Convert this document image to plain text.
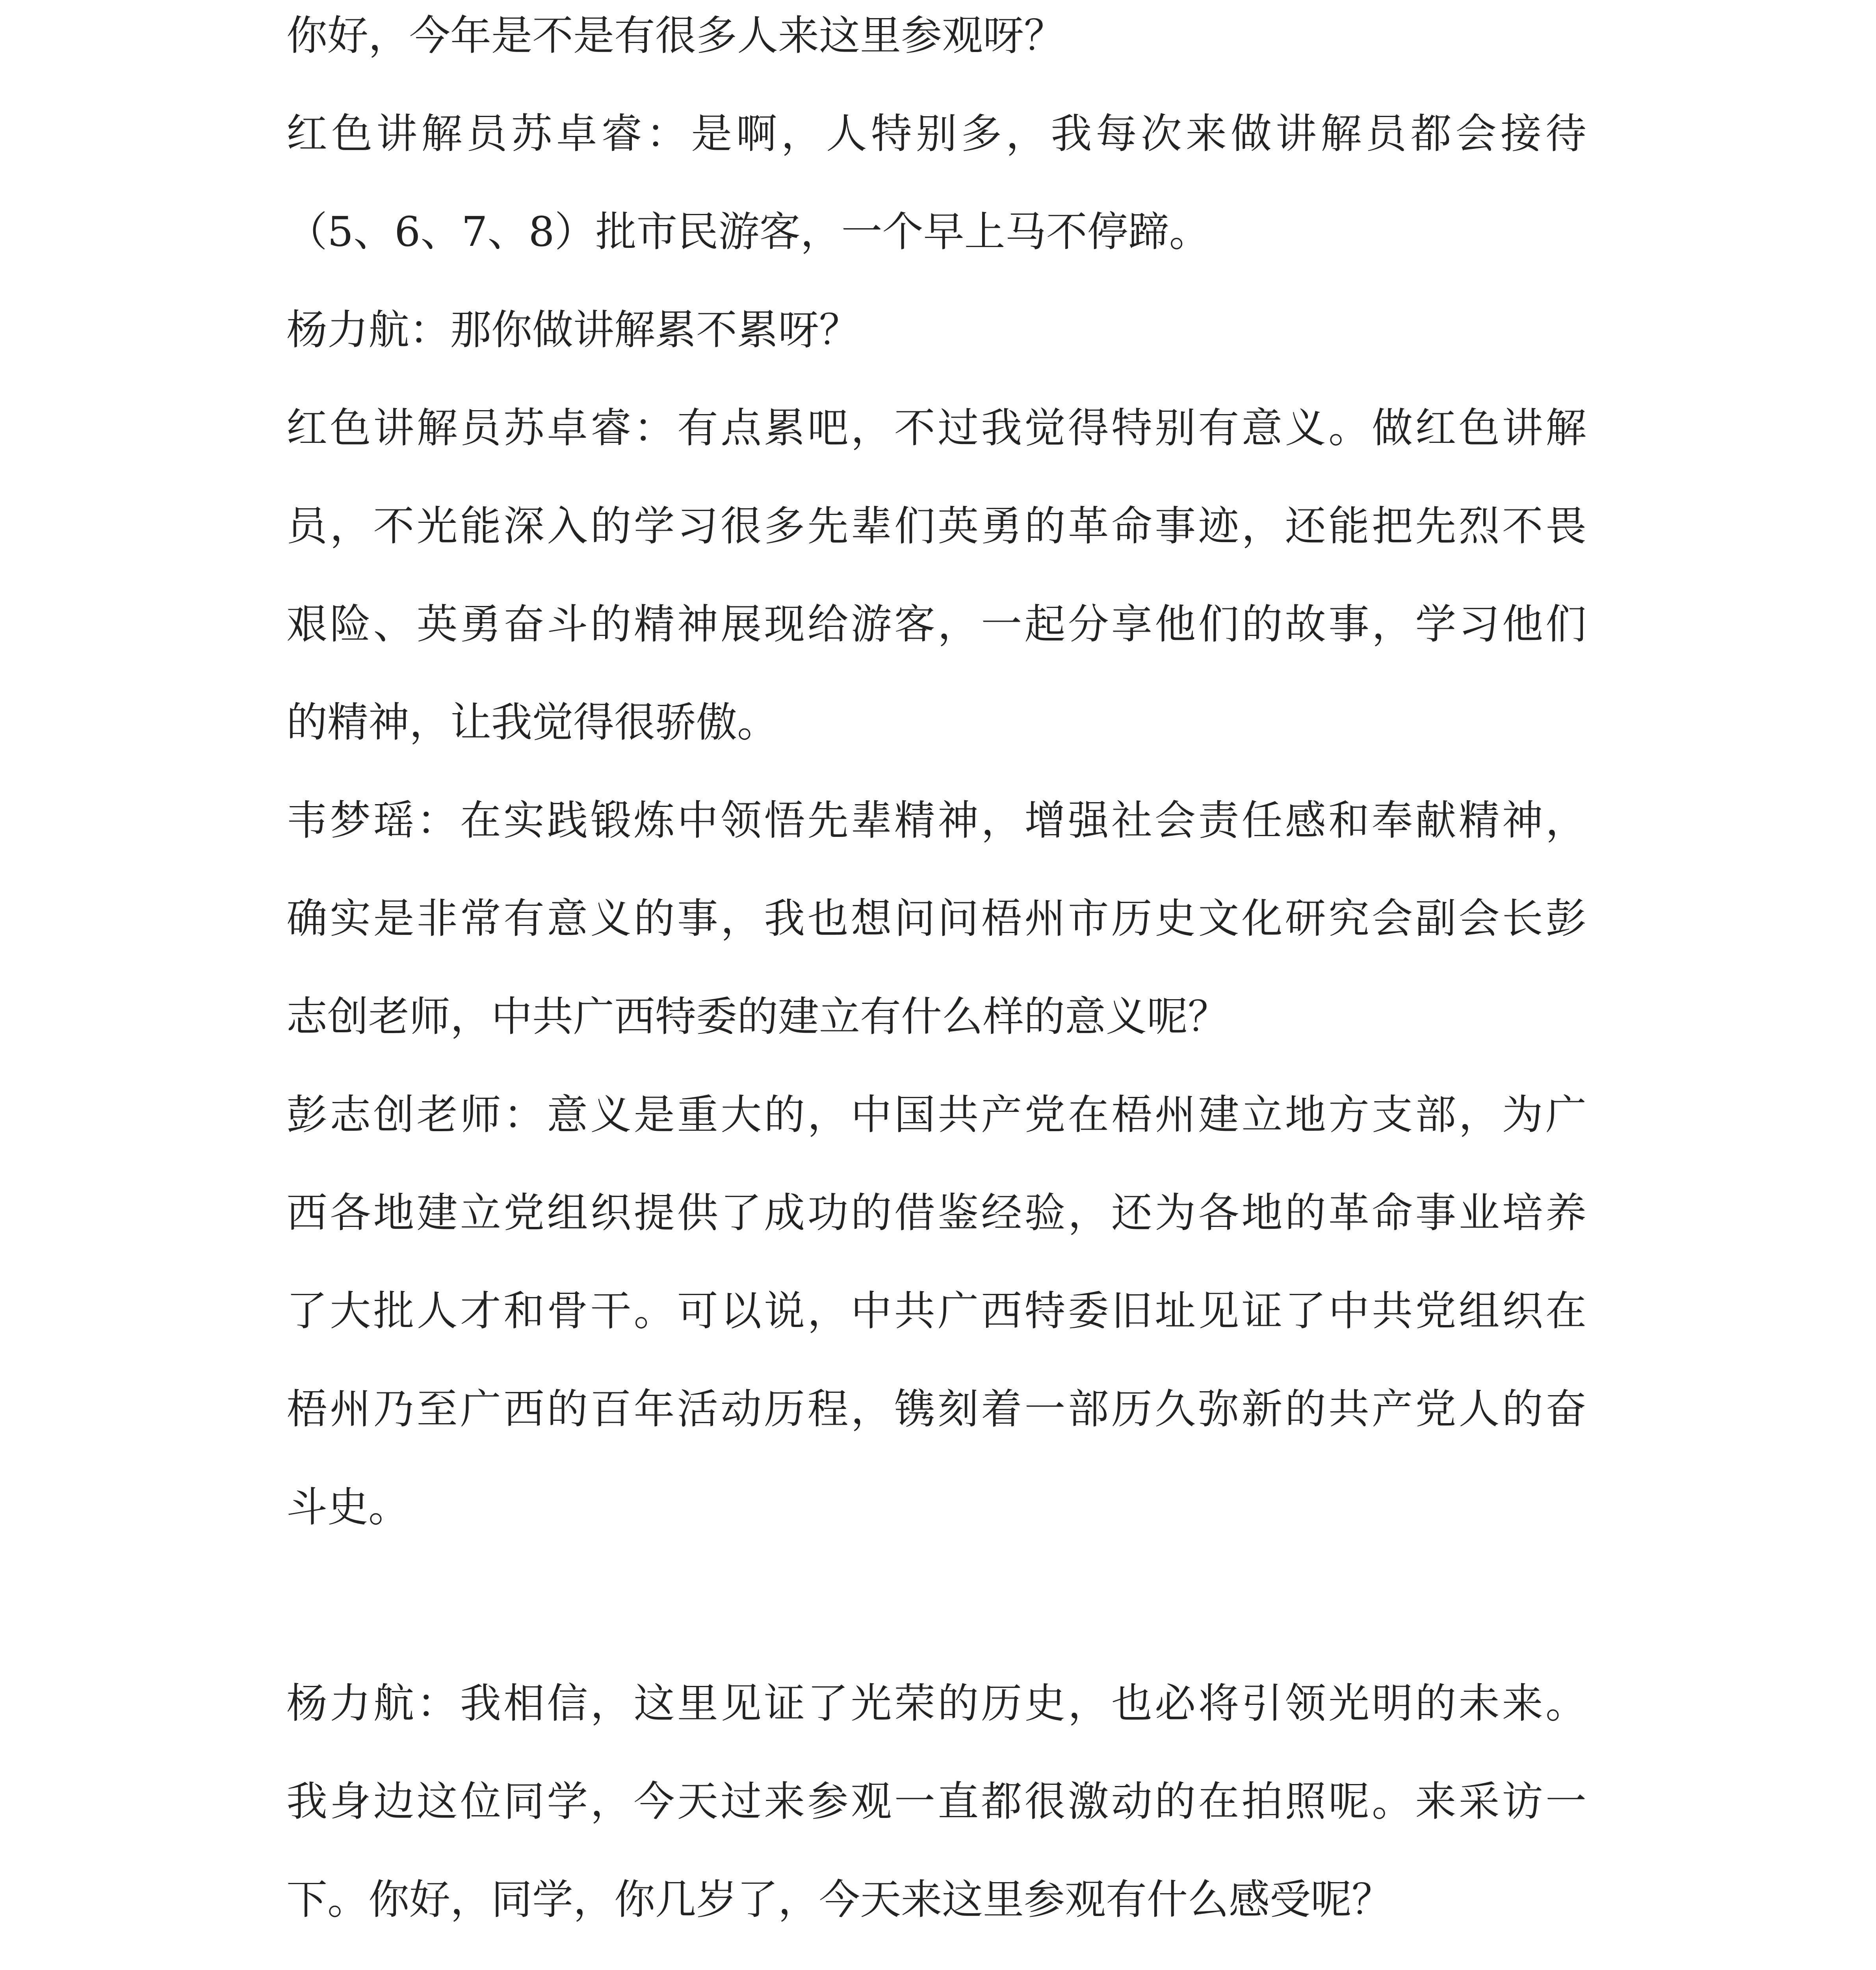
你好，今年是不是有很多人来这里参观呀？
红色讲解员苏卓睿：是啊，人特别多，我每次来做讲解员都会接待
（5、6、7、8）批市民游客，一个早上马不停蹄。
杨力航：那你做讲解累不累呀？
红色讲解员苏卓睿：有点累吧，不过我觉得特别有意义。做红色讲解
员，不光能深入的学习很多先辈们英勇的革命事迹，还能把先烈不畏
艰险、英勇奋斗的精神展现给游客，一起分享他们的故事，学习他们
的精神，让我觉得很骄傲。
韦梦瑶：在实践锻炼中领悟先辈精神，增强社会责任感和奉献精神，
确实是非常有意义的事，我也想问问梧州市历史文化研究会副会长彭
志创老师，中共广西特委的建立有什么样的意义呢？
彭志创老师：意义是重大的，中国共产党在梧州建立地方支部，为广
西各地建立党组织提供了成功的借鉴经验，还为各地的革命事业培养
了大批人才和骨干。可以说，中共广西特委旧址见证了中共党组织在
梧州乃至广西的百年活动历程，镌刻着一部历久弥新的共产党人的奋
斗史。
杨力航：我相信，这里见证了光荣的历史，也必将引领光明的未来。
我身边这位同学，今天过来参观一直都很激动的在拍照呢。来采访一
下。你好，同学，你几岁了，今天来这里参观有什么感受呢？
